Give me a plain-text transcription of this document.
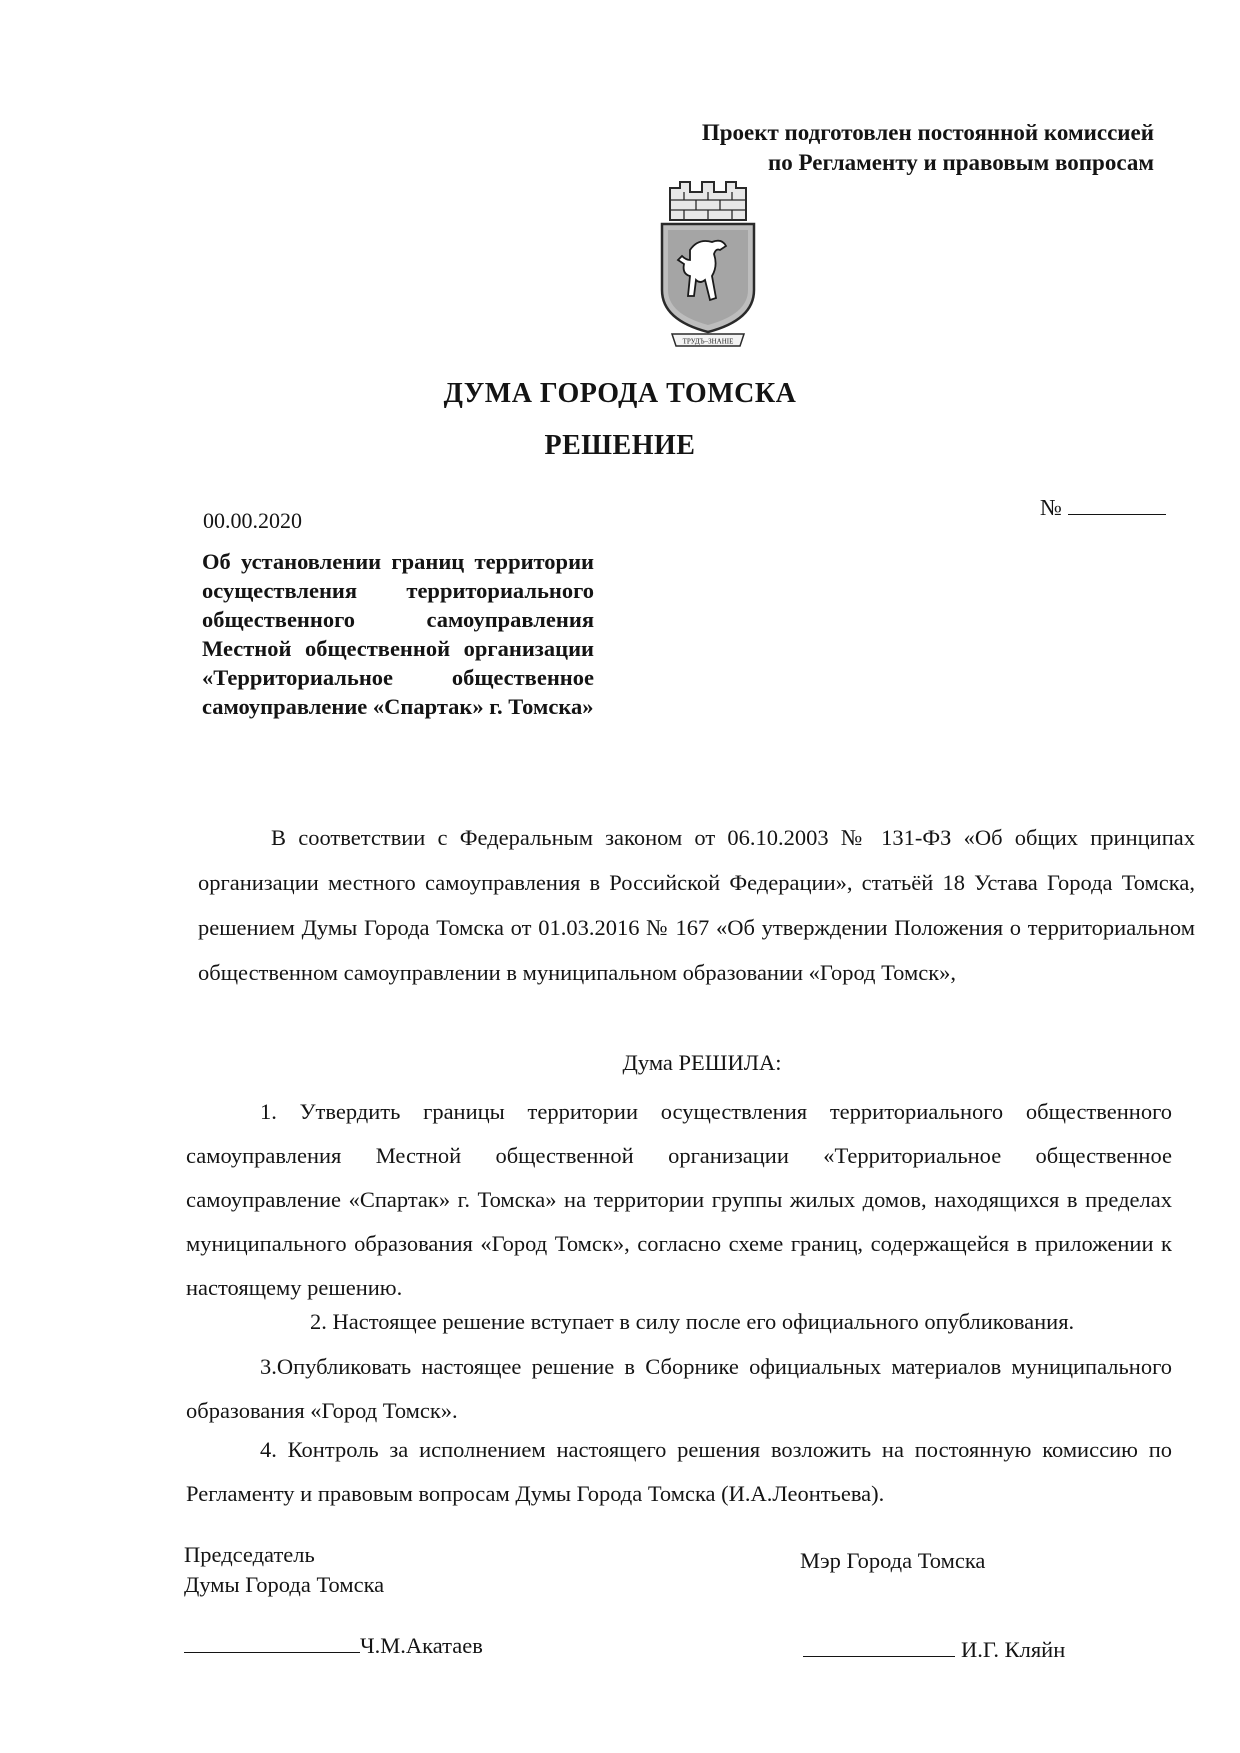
Проект подготовлен постоянной комиссией
по Регламенту и правовым вопросам
ТРУДЪ–ЗНАНІЕ
ДУМА ГОРОДА ТОМСКА
РЕШЕНИЕ
00.00.2020
№
Об установлении границ территории осуществления территориального общественного самоуправления Местной общественной организации «Территориальное общественное самоуправление «Спартак» г. Томска»
В соответствии с Федеральным законом от 06.10.2003 № 131-ФЗ «Об общих принципах организации местного самоуправления в Российской Федерации», статьёй 18 Устава Города Томска, решением Думы Города Томска от 01.03.2016 № 167 «Об утверждении Положения о территориальном общественном самоуправлении в муниципальном образовании «Город Томск»,
Дума РЕШИЛА:
1. Утвердить границы территории осуществления территориального общественного самоуправления Местной общественной организации «Территориальное общественное самоуправление «Спартак» г. Томска» на территории группы жилых домов, находящихся в пределах муниципального образования «Город Томск», согласно схеме границ, содержащейся в приложении к настоящему решению.
2. Настоящее решение вступает в силу после его официального опубликования.
3.Опубликовать настоящее решение в Сборнике официальных материалов муниципального образования «Город Томск».
4. Контроль за исполнением настоящего решения возложить на постоянную комиссию по Регламенту и правовым вопросам Думы Города Томска (И.А.Леонтьева).
Председатель
Думы Города Томска
Мэр Города Томска
Ч.М.Акатаев	И.Г. Кляйн
